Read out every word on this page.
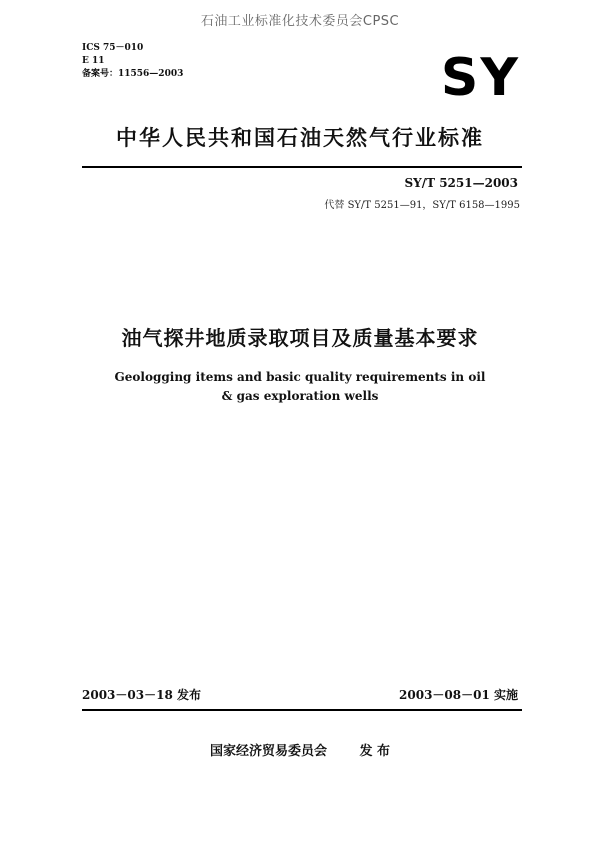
石油工业标准化技术委员会CPSC
ICS 75－010
E 11
备案号：11556—2003	SY
中华人民共和国石油天然气行业标准
SY/T 5251—2003
代替 SY/T 5251—91，SY/T 6158—1995
油气探井地质录取项目及质量基本要求
Geologging items and basic quality requirements in oil
& gas exploration wells
2003－03－18 发布	2003－08－01 实施
国家经济贸易委员会	发 布
